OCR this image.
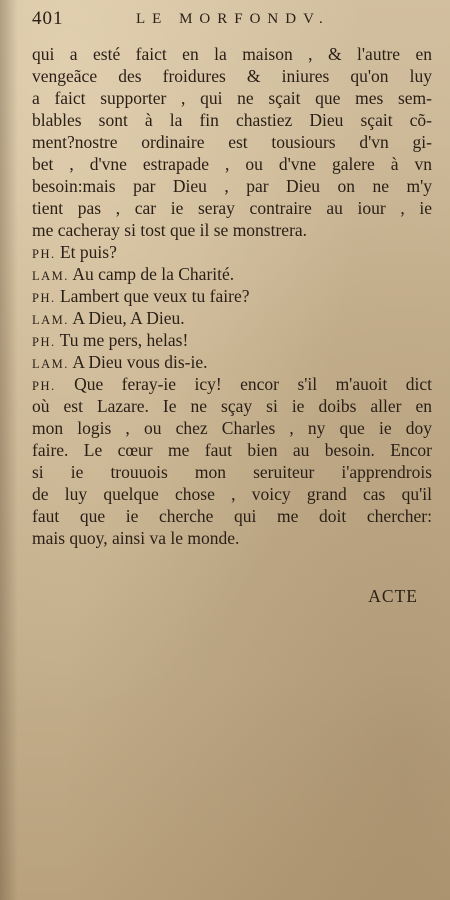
401	LE MORFONDV.
qui a esté faict en la maison , & l'autre en
vengeãce des froidures & iniures qu'on luy
a faict supporter , qui ne sçait que mes sem-
blables sont à la fin chastiez Dieu sçait cõ-
ment?nostre ordinaire est tousiours d'vn gi-
bet , d'vne estrapade , ou d'vne galere à vn
besoin:mais par Dieu , par Dieu on ne m'y
tient pas , car ie seray contraire au iour , ie
me cacheray si tost que il se monstrera.
PH. Et puis?
LAM. Au camp de la Charité.
PH. Lambert que veux tu faire?
LAM. A Dieu, A Dieu.
PH. Tu me pers, helas!
LAM. A Dieu vous dis-ie.
PH. Que feray-ie icy! encor s'il m'auoit dict
où est Lazare. Ie ne sçay si ie doibs aller en
mon logis , ou chez Charles , ny que ie doy
faire. Le cœur me faut bien au besoin. Encor
si ie trouuois mon seruiteur i'apprendrois
de luy quelque chose , voicy grand cas qu'il
faut que ie cherche qui me doit chercher:
mais quoy, ainsi va le monde.
ACTE
